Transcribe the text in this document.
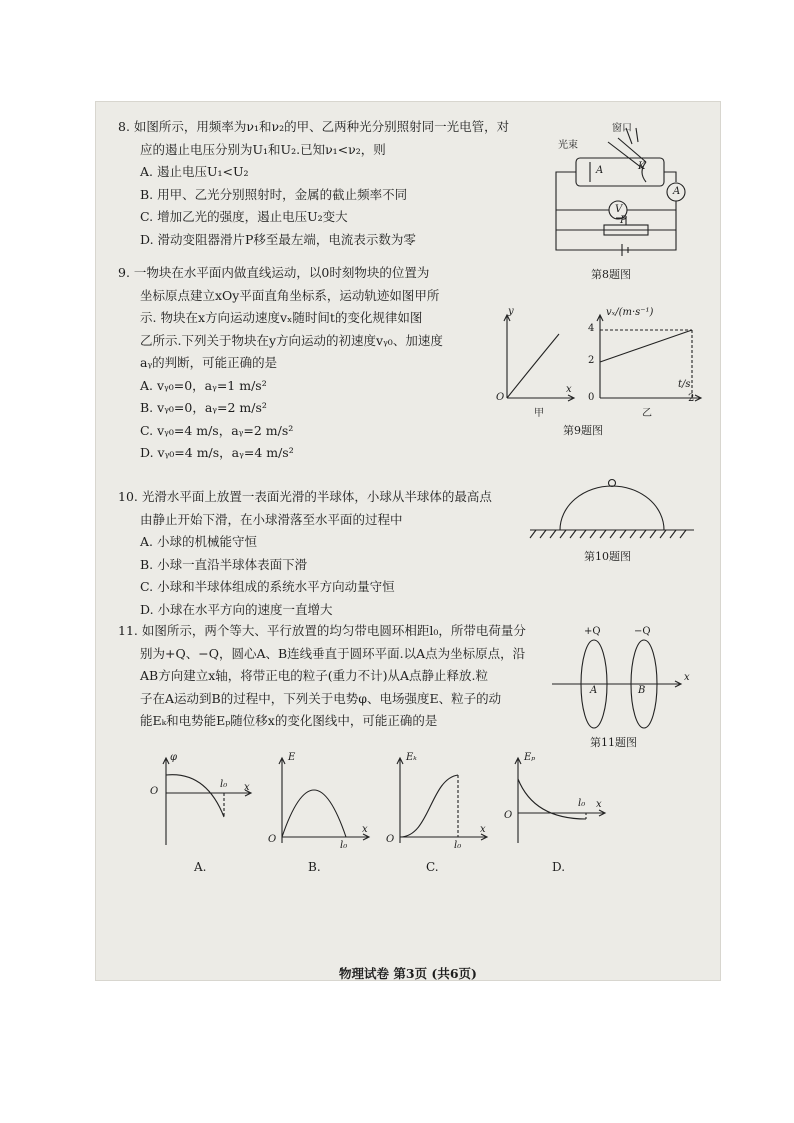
8. 如图所示，用频率为ν₁和ν₂的甲、乙两种光分别照射同一光电管，对
应的遏止电压分别为U₁和U₂.已知ν₁<ν₂，则
A. 遏止电压U₁<U₂
B. 用甲、乙光分别照射时，金属的截止频率不同
C. 增加乙光的强度，遏止电压U₂变大
D. 滑动变阻器滑片P移至最左端，电流表示数为零
窗口
光束
A	K
A
V
P
第8题图
9. 一物块在水平面内做直线运动，以0时刻物块的位置为
坐标原点建立xOy平面直角坐标系，运动轨迹如图甲所
示. 物块在x方向运动速度vₓ随时间t的变化规律如图
乙所示.下列关于物块在y方向运动的初速度vᵧ₀、加速度
aᵧ的判断，可能正确的是
A. vᵧ₀=0，aᵧ=1 m/s²
B. vᵧ₀=0，aᵧ=2 m/s²
C. vᵧ₀=4 m/s，aᵧ=2 m/s²
D. vᵧ₀=4 m/s，aᵧ=4 m/s²
y
x
O
甲
vₓ/(m·s⁻¹)
t/s
4
2
0	2
乙
第9题图
10. 光滑水平面上放置一表面光滑的半球体，小球从半球体的最高点
由静止开始下滑，在小球滑落至水平面的过程中
A. 小球的机械能守恒
B. 小球一直沿半球体表面下滑
C. 小球和半球体组成的系统水平方向动量守恒
D. 小球在水平方向的速度一直增大
第10题图
11. 如图所示，两个等大、平行放置的均匀带电圆环相距l₀，所带电荷量分
别为+Q、−Q，圆心A、B连线垂直于圆环平面.以A点为坐标原点，沿
AB方向建立x轴，将带正电的粒子(重力不计)从A点静止释放.粒
子在A运动到B的过程中，下列关于电势φ、电场强度E、粒子的动
能Eₖ和电势能Eₚ随位移x的变化图线中，可能正确的是
+Q	−Q
A	B
x
第11题图
φ
x
O
l₀
A.
E
x
O
l₀
B.
Eₖ
x
O
l₀
C.
Eₚ
x
O
l₀
D.
物理试卷 第3页 (共6页)
